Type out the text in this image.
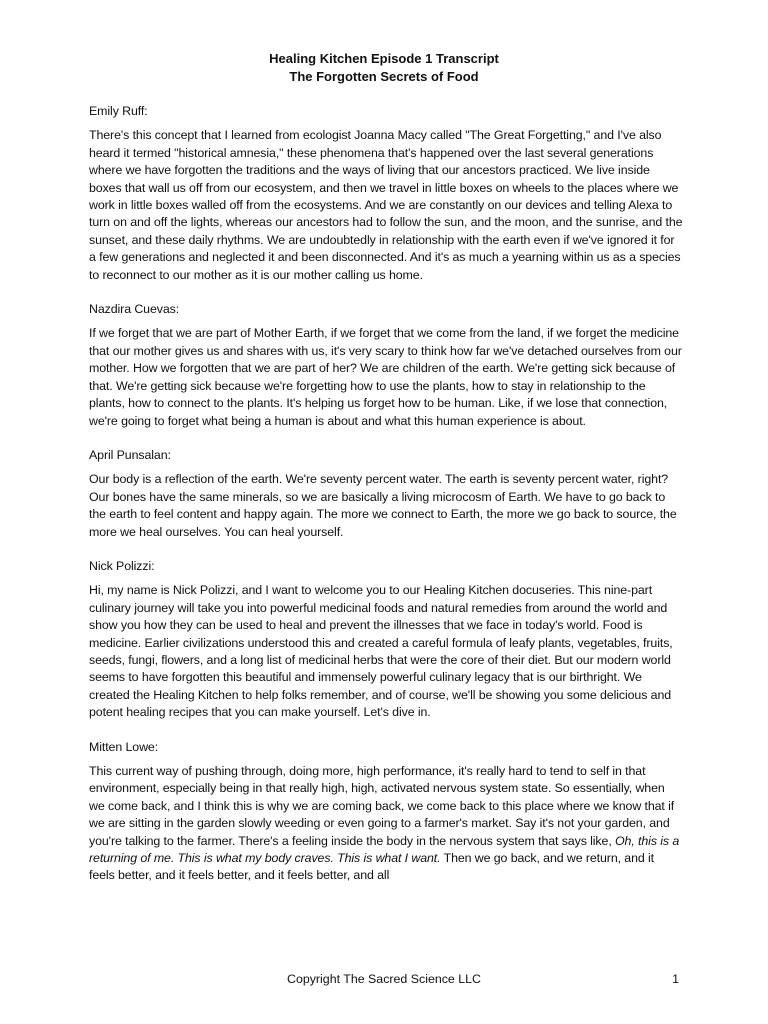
Healing Kitchen Episode 1 Transcript
The Forgotten Secrets of Food
Emily Ruff:
There's this concept that I learned from ecologist Joanna Macy called "The Great Forgetting," and I've also heard it termed "historical amnesia," these phenomena that's happened over the last several generations where we have forgotten the traditions and the ways of living that our ancestors practiced. We live inside boxes that wall us off from our ecosystem, and then we travel in little boxes on wheels to the places where we work in little boxes walled off from the ecosystems. And we are constantly on our devices and telling Alexa to turn on and off the lights, whereas our ancestors had to follow the sun, and the moon, and the sunrise, and the sunset, and these daily rhythms. We are undoubtedly in relationship with the earth even if we've ignored it for a few generations and neglected it and been disconnected. And it's as much a yearning within us as a species to reconnect to our mother as it is our mother calling us home.
Nazdira Cuevas:
If we forget that we are part of Mother Earth, if we forget that we come from the land, if we forget the medicine that our mother gives us and shares with us, it's very scary to think how far we've detached ourselves from our mother. How we forgotten that we are part of her? We are children of the earth. We're getting sick because of that. We're getting sick because we're forgetting how to use the plants, how to stay in relationship to the plants, how to connect to the plants. It's helping us forget how to be human. Like, if we lose that connection, we're going to forget what being a human is about and what this human experience is about.
April Punsalan:
Our body is a reflection of the earth. We're seventy percent water. The earth is seventy percent water, right? Our bones have the same minerals, so we are basically a living microcosm of Earth. We have to go back to the earth to feel content and happy again. The more we connect to Earth, the more we go back to source, the more we heal ourselves. You can heal yourself.
Nick Polizzi:
Hi, my name is Nick Polizzi, and I want to welcome you to our Healing Kitchen docuseries. This nine-part culinary journey will take you into powerful medicinal foods and natural remedies from around the world and show you how they can be used to heal and prevent the illnesses that we face in today's world. Food is medicine. Earlier civilizations understood this and created a careful formula of leafy plants, vegetables, fruits, seeds, fungi, flowers, and a long list of medicinal herbs that were the core of their diet. But our modern world seems to have forgotten this beautiful and immensely powerful culinary legacy that is our birthright. We created the Healing Kitchen to help folks remember, and of course, we'll be showing you some delicious and potent healing recipes that you can make yourself. Let's dive in.
Mitten Lowe:
This current way of pushing through, doing more, high performance, it's really hard to tend to self in that environment, especially being in that really high, high, activated nervous system state. So essentially, when we come back, and I think this is why we are coming back, we come back to this place where we know that if we are sitting in the garden slowly weeding or even going to a farmer's market. Say it's not your garden, and you're talking to the farmer. There's a feeling inside the body in the nervous system that says like, Oh, this is a returning of me. This is what my body craves. This is what I want. Then we go back, and we return, and it feels better, and it feels better, and it feels better, and all
Copyright The Sacred Science LLC	1
